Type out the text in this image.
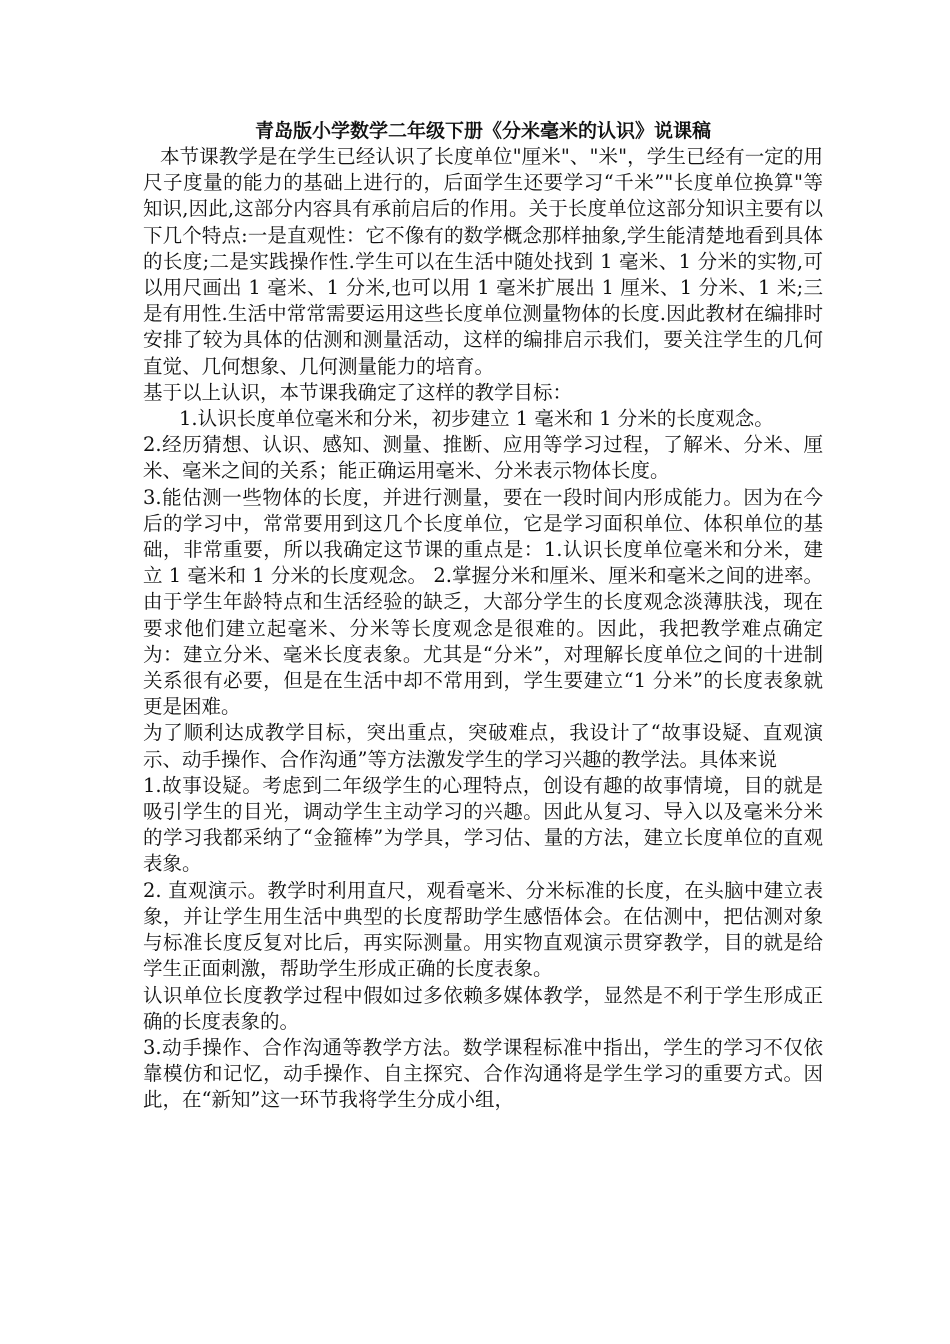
青岛版小学数学二年级下册《分米毫米的认识》说课稿

本节课教学是在学生已经认识了长度单位"厘米"、"米"，学生已经有一定的用尺子度量的能力的基础上进行的，后面学生还要学习“千米”"长度单位换算"等知识,因此,这部分内容具有承前启后的作用。关于长度单位这部分知识主要有以下几个特点:一是直观性：它不像有的数学概念那样抽象,学生能清楚地看到具体的长度;二是实践操作性.学生可以在生活中随处找到 1 毫米、1 分米的实物,可以用尺画出 1 毫米、1 分米,也可以用 1 毫米扩展出 1 厘米、1 分米、1 米;三是有用性.生活中常常需要运用这些长度单位测量物体的长度.因此教材在编排时安排了较为具体的估测和测量活动，这样的编排启示我们，要关注学生的几何直觉、几何想象、几何测量能力的培育。

基于以上认识，本节课我确定了这样的教学目标：

1.认识长度单位毫米和分米，初步建立 1 毫米和 1 分米的长度观念。

2.经历猜想、认识、感知、测量、推断、应用等学习过程，了解米、分米、厘米、毫米之间的关系；能正确运用毫米、分米表示物体长度。

3.能估测一些物体的长度，并进行测量，要在一段时间内形成能力。因为在今后的学习中，常常要用到这几个长度单位，它是学习面积单位、体积单位的基础，非常重要，所以我确定这节课的重点是：1.认识长度单位毫米和分米，建立 1 毫米和 1 分米的长度观念。 2.掌握分米和厘米、厘米和毫米之间的进率。由于学生年龄特点和生活经验的缺乏，大部分学生的长度观念淡薄肤浅，现在要求他们建立起毫米、分米等长度观念是很难的。因此，我把教学难点确定为：建立分米、毫米长度表象。尤其是“分米”，对理解长度单位之间的十进制关系很有必要，但是在生活中却不常用到，学生要建立“1 分米”的长度表象就更是困难。

为了顺利达成教学目标，突出重点，突破难点，我设计了“故事设疑、直观演示、动手操作、合作沟通”等方法激发学生的学习兴趣的教学法。具体来说

1.故事设疑。考虑到二年级学生的心理特点，创设有趣的故事情境，目的就是吸引学生的目光，调动学生主动学习的兴趣。因此从复习、导入以及毫米分米的学习我都采纳了“金箍棒”为学具，学习估、量的方法，建立长度单位的直观表象。

2. 直观演示。教学时利用直尺，观看毫米、分米标准的长度，在头脑中建立表象，并让学生用生活中典型的长度帮助学生感悟体会。在估测中，把估测对象与标准长度反复对比后，再实际测量。用实物直观演示贯穿教学，目的就是给学生正面刺激，帮助学生形成正确的长度表象。

认识单位长度教学过程中假如过多依赖多媒体教学，显然是不利于学生形成正确的长度表象的。

3.动手操作、合作沟通等教学方法。数学课程标准中指出，学生的学习不仅依靠模仿和记忆，动手操作、自主探究、合作沟通将是学生学习的重要方式。因此，在“新知”这一环节我将学生分成小组，
